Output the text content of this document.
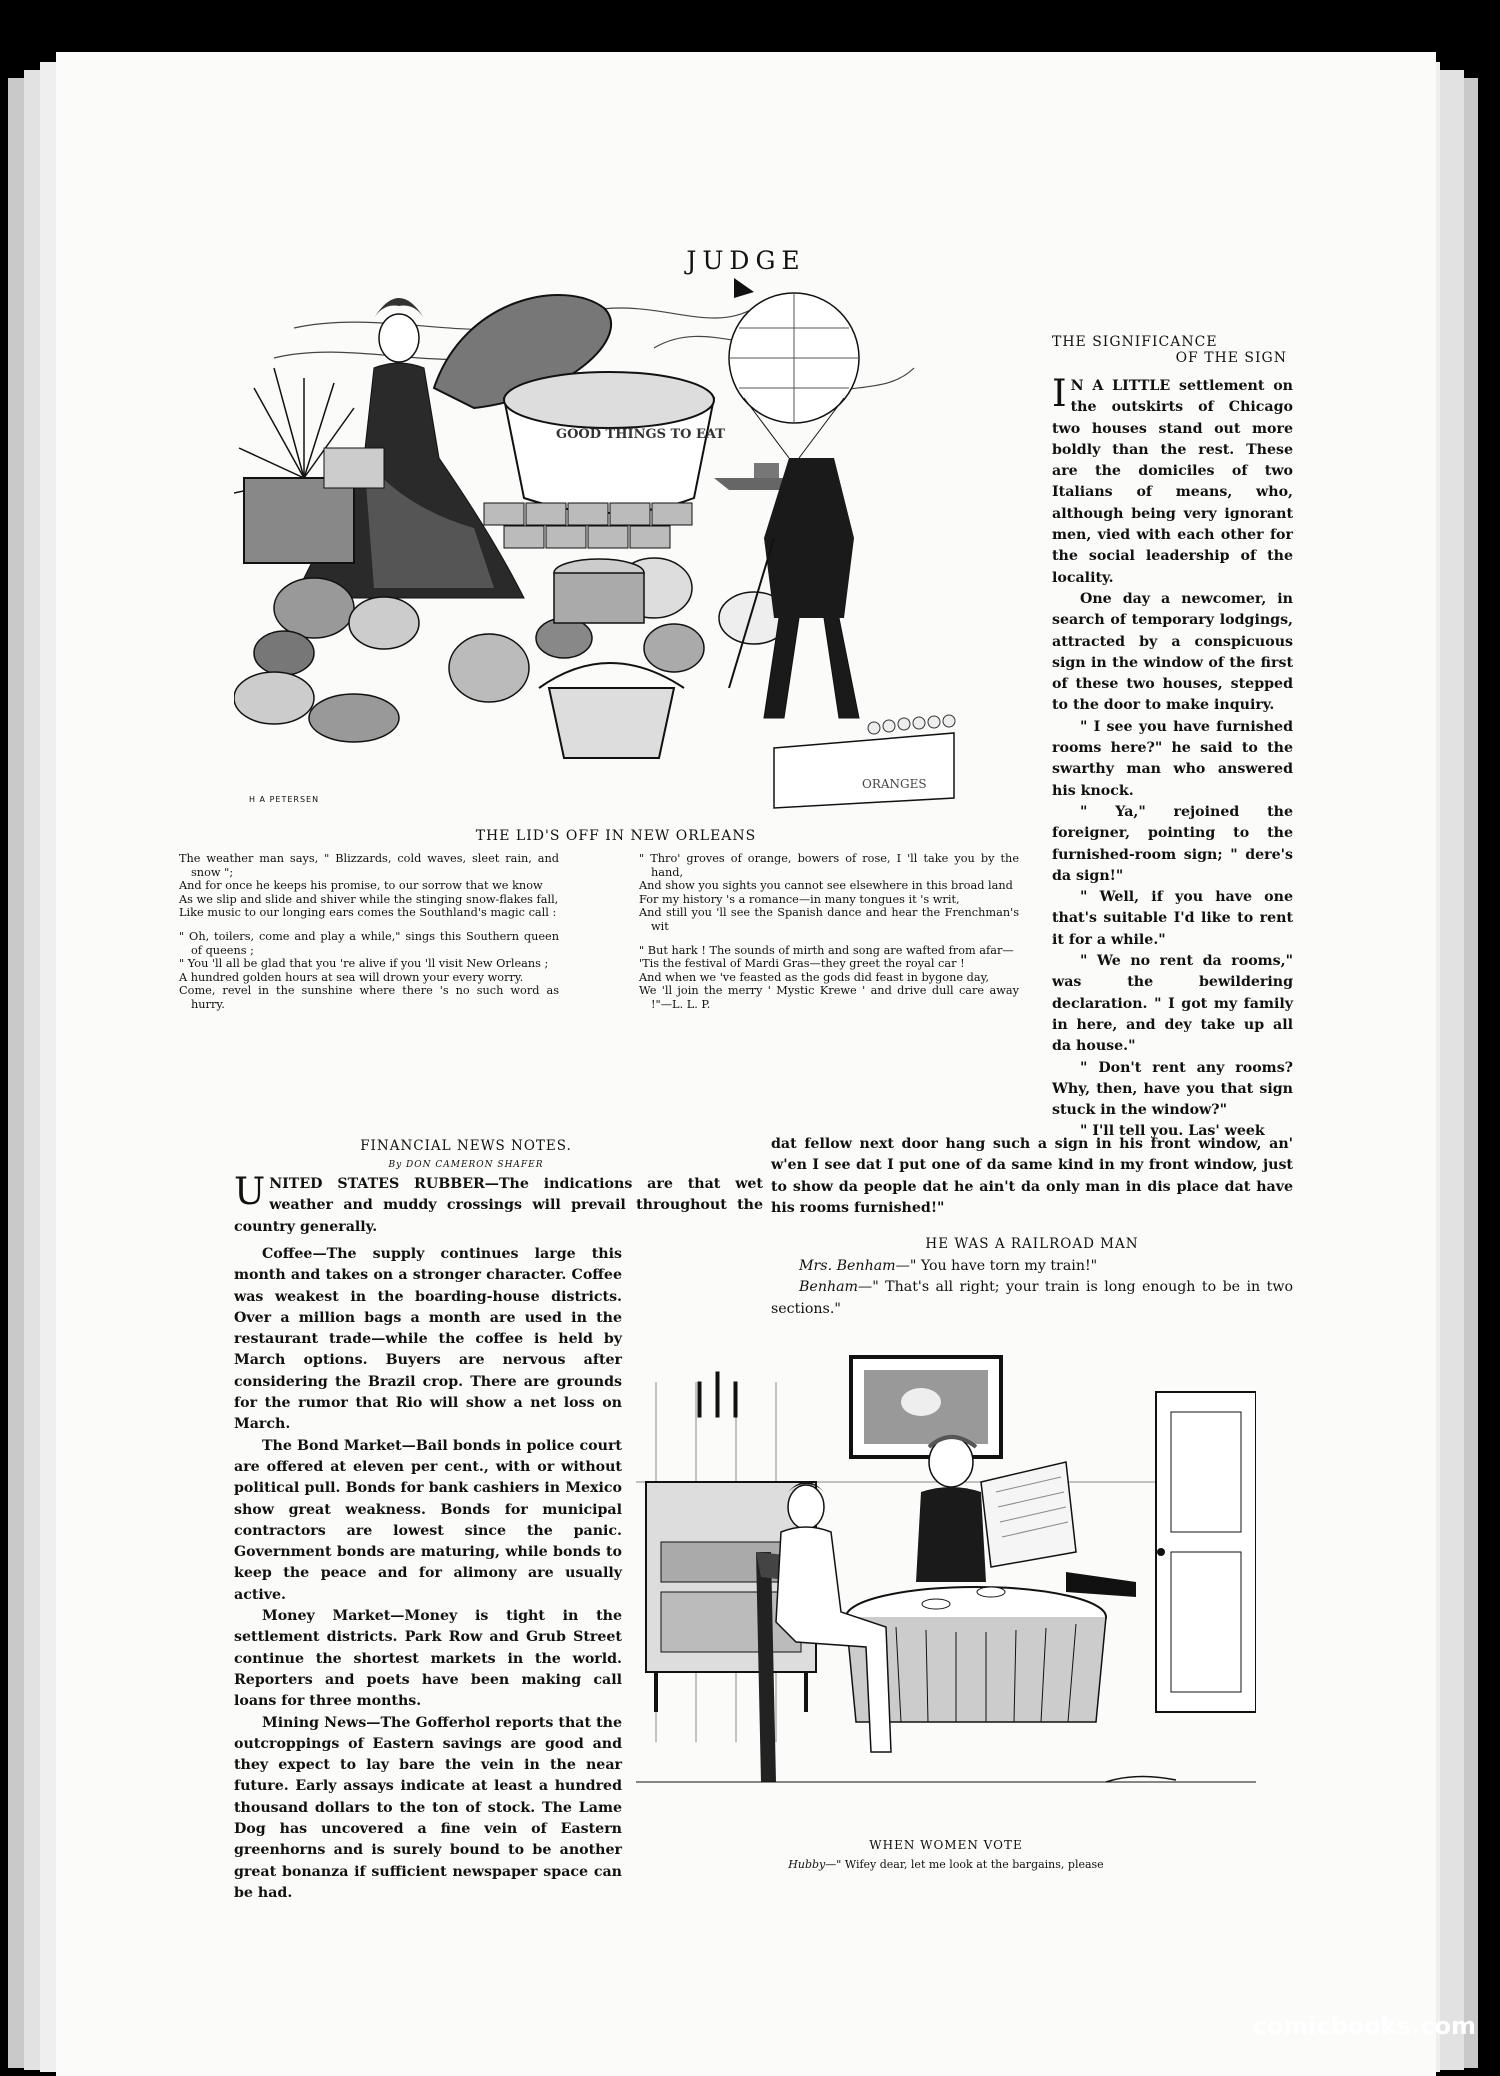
JUDGE
GOOD THINGS TO EAT
ORANGES
H A PETERSEN
THE LID'S OFF IN NEW ORLEANS
The weather man says, " Blizzards, cold waves, sleet rain, and snow ";
And for once he keeps his promise, to our sorrow that we know
As we slip and slide and shiver while the stinging snow-flakes fall,
Like music to our longing ears comes the Southland's magic call :
" Oh, toilers, come and play a while," sings this Southern queen of queens ;
" You 'll all be glad that you 're alive if you 'll visit New Orleans ;
A hundred golden hours at sea will drown your every worry.
Come, revel in the sunshine where there 's no such word as hurry.
" Thro' groves of orange, bowers of rose, I 'll take you by the hand,
And show you sights you cannot see elsewhere in this broad land
For my history 's a romance—in many tongues it 's writ,
And still you 'll see the Spanish dance and hear the Frenchman's wit
" But hark ! The sounds of mirth and song are wafted from afar—
'Tis the festival of Mardi Gras—they greet the royal car !
And when we 've feasted as the gods did feast in bygone day,
We 'll join the merry ' Mystic Krewe ' and drive dull care away !"—L. L. P.
THE SIGNIFICANCE
OF THE SIGN

I N A LITTLE settlement on the outskirts of Chicago two houses stand out more boldly than the rest. These are the domiciles of two Italians of means, who, although being very ignorant men, vied with each other for the social leadership of the locality.

One day a newcomer, in search of temporary lodgings, attracted by a conspicuous sign in the window of the first of these two houses, stepped to the door to make inquiry.

" I see you have furnished rooms here?" he said to the swarthy man who answered his knock.

" Ya," rejoined the foreigner, pointing to the furnished-room sign; " dere's da sign!"

" Well, if you have one that's suitable I'd like to rent it for a while."

" We no rent da rooms," was the bewildering declaration. " I got my family in here, and dey take up all da house."

" Don't rent any rooms? Why, then, have you that sign stuck in the window?"

" I'll tell you. Las' week

dat fellow next door hang such a sign in his front window, an' w'en I see dat I put one of da same kind in my front window, just to show da people dat he ain't da only man in dis place dat have his rooms furnished!"
HE WAS A RAILROAD MAN

Mrs. Benham—" You have torn my train!"

Benham—" That's all right; your train is long enough to be in two sections."

FINANCIAL NEWS NOTES.
By DON CAMERON SHAFER

UNITED STATES RUBBER—The indications are that wet weather and muddy crossings will prevail throughout the country generally.

Coffee—The supply continues large this month and takes on a stronger character. Coffee was weakest in the boarding-house districts. Over a million bags a month are used in the restaurant trade—while the coffee is held by March options. Buyers are nervous after considering the Brazil crop. There are grounds for the rumor that Rio will show a net loss on March.

The Bond Market—Bail bonds in police court are offered at eleven per cent., with or without political pull. Bonds for bank cashiers in Mexico show great weakness. Bonds for municipal contractors are lowest since the panic. Government bonds are maturing, while bonds to keep the peace and for alimony are usually active.

Money Market—Money is tight in the settlement districts. Park Row and Grub Street continue the shortest markets in the world. Reporters and poets have been making call loans for three months.

Mining News—The Gofferhol reports that the outcroppings of Eastern savings are good and they expect to lay bare the vein in the near future. Early assays indicate at least a hundred thousand dollars to the ton of stock. The Lame Dog has uncovered a fine vein of Eastern greenhorns and is surely bound to be another great bonanza if sufficient newspaper space can be had.

WHEN WOMEN VOTE
Hubby—" Wifey dear, let me look at the bargains, please
comicbooks.com
